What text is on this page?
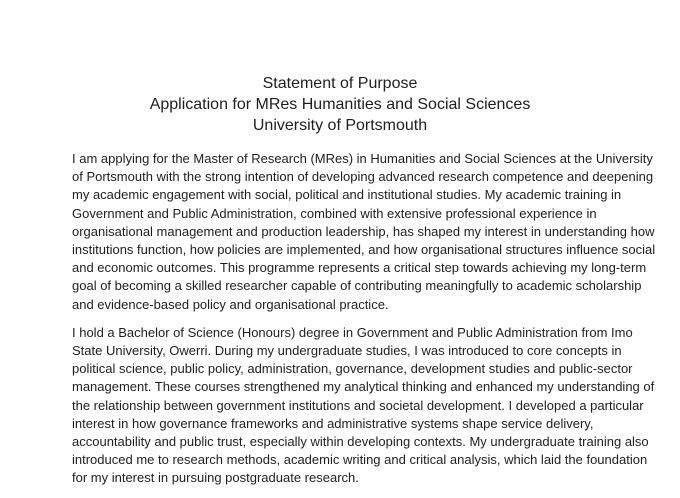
Statement of Purpose
Application for MRes Humanities and Social Sciences
University of Portsmouth
I am applying for the Master of Research (MRes) in Humanities and Social Sciences at the University
of Portsmouth with the strong intention of developing advanced research competence and deepening
my academic engagement with social, political and institutional studies. My academic training in
Government and Public Administration, combined with extensive professional experience in
organisational management and production leadership, has shaped my interest in understanding how
institutions function, how policies are implemented, and how organisational structures influence social
and economic outcomes. This programme represents a critical step towards achieving my long-term
goal of becoming a skilled researcher capable of contributing meaningfully to academic scholarship
and evidence-based policy and organisational practice.
I hold a Bachelor of Science (Honours) degree in Government and Public Administration from Imo
State University, Owerri. During my undergraduate studies, I was introduced to core concepts in
political science, public policy, administration, governance, development studies and public-sector
management. These courses strengthened my analytical thinking and enhanced my understanding of
the relationship between government institutions and societal development. I developed a particular
interest in how governance frameworks and administrative systems shape service delivery,
accountability and public trust, especially within developing contexts. My undergraduate training also
introduced me to research methods, academic writing and critical analysis, which laid the foundation
for my interest in pursuing postgraduate research.
